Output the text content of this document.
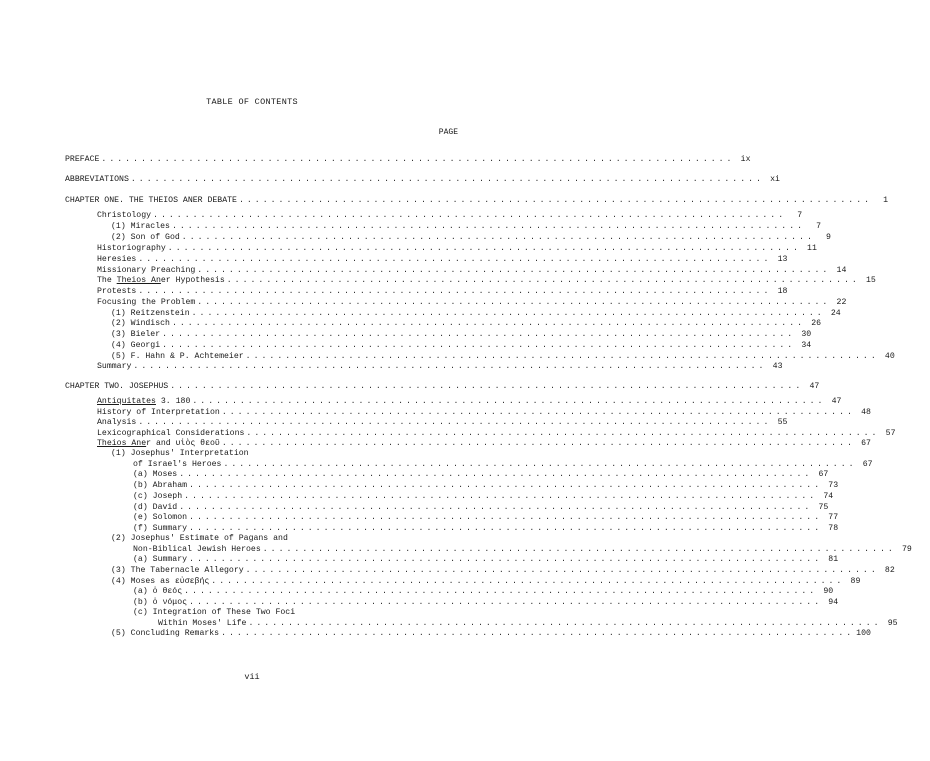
TABLE OF CONTENTS
PAGE
PREFACE ................................................................................ ix
ABBREVIATIONS ................................................................................ xi
CHAPTER ONE. THE THEIOS ANER DEBATE ................................................................................	1
Christology ................................................................................	7
(1) Miracles ................................................................................	7
(2) Son of God ................................................................................	9
Historiography ................................................................................ 11
Heresies ................................................................................ 13
Missionary Preaching ................................................................................ 14
The Theios Aner Hypothesis ................................................................................ 15
Protests ................................................................................ 18
Focusing the Problem ................................................................................ 22
(1) Reitzenstein ................................................................................ 24
(2) Windisch ................................................................................ 26
(3) Bieler ................................................................................ 30
(4) Georgi ................................................................................ 34
(5) F. Hahn & P. Achtemeier ................................................................................ 40
Summary ................................................................................ 43
CHAPTER TWO. JOSEPHUS ................................................................................ 47
Antiquitates 3. 180 ................................................................................ 47
History of Interpretation ................................................................................ 48
Analysis ................................................................................ 55
Lexicographical Considerations ................................................................................ 57
Theios Aner and υἱὸς θεοῦ ................................................................................ 67
(1) Josephus' Interpretation
of Israel's Heroes ................................................................................ 67
(a) Moses ................................................................................ 67
(b) Abraham ................................................................................ 73
(c) Joseph ................................................................................ 74
(d) David ................................................................................ 75
(e) Solomon ................................................................................ 77
(f) Summary ................................................................................ 78
(2) Josephus' Estimate of Pagans and
Non-Biblical Jewish Heroes ................................................................................ 79
(a) Summary ................................................................................ 81
(3) The Tabernacle Allegory ................................................................................ 82
(4) Moses as εὐσεβής ................................................................................ 89
(a) ὁ θεός ................................................................................ 90
(b) ὁ νόμος ................................................................................ 94
(c) Integration of These Two Foci
Within Moses' Life ................................................................................ 95
(5) Concluding Remarks ................................................................................ 100
vii
